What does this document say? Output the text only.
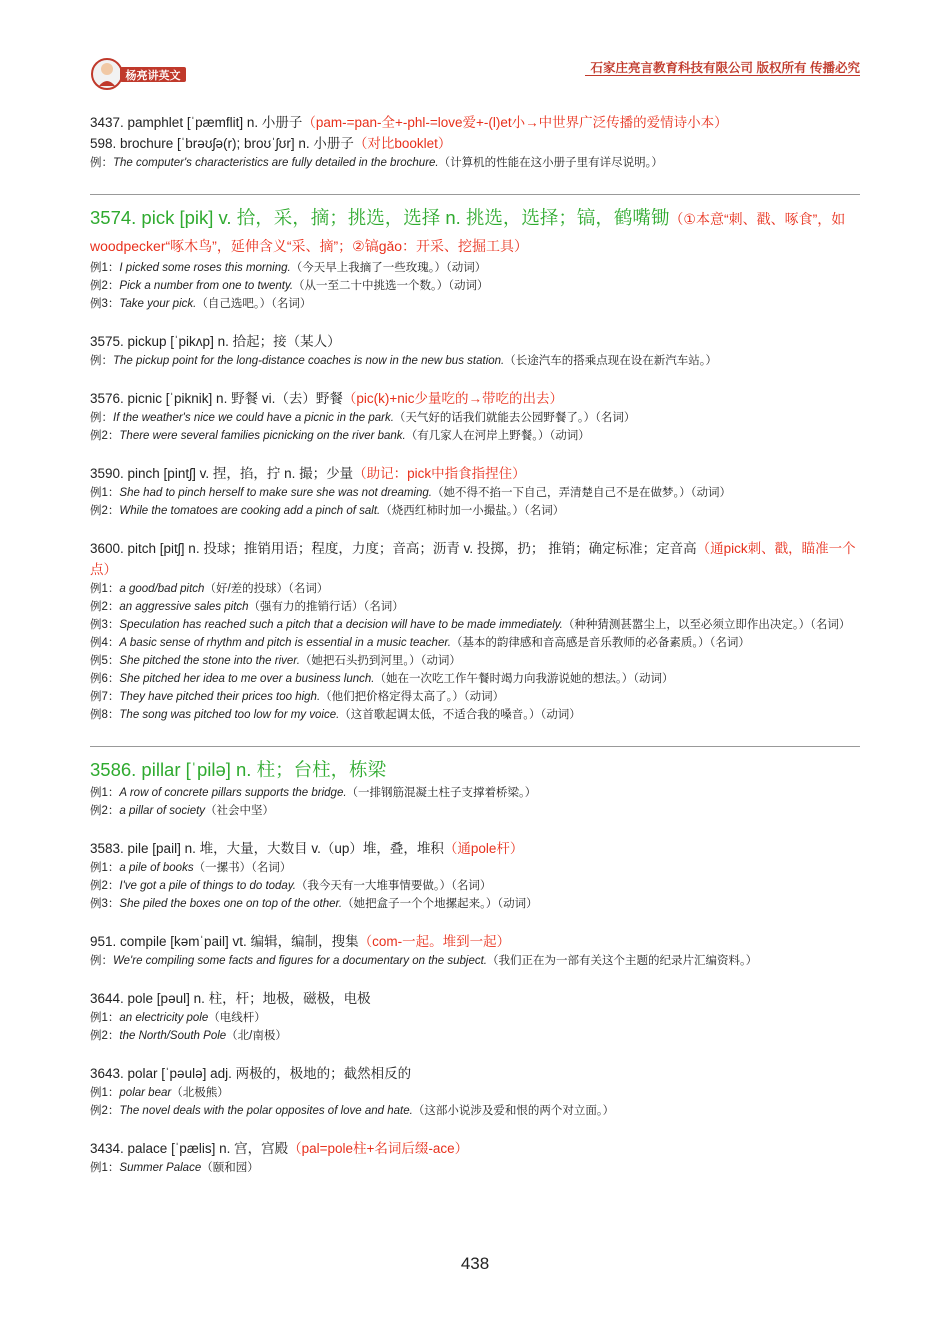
杨亮讲英文
石家庄亮言教育科技有限公司 版权所有 传播必究
3437. pamphlet [ˈpæmflit] n. 小册子（pam-=pan-全+-phl-=love爱+-(l)et小→中世界广泛传播的爱情诗小本）
598. brochure [ˈbrəʊʃə(r); broʊˈʃʊr] n. 小册子（对比booklet）
例：The computer's characteristics are fully detailed in the brochure.（计算机的性能在这小册子里有详尽说明。）
3574. pick [pik] v. 拾，采，摘；挑选，选择 n. 挑选，选择；镐，鹤嘴锄（①本意“刺、戳、啄食”，如woodpecker“啄木鸟”，延伸含义“采、摘”；②镐gǎo：开采、挖掘工具）
例1：I picked some roses this morning.（今天早上我摘了一些玫瑰。）（动词）
例2：Pick a number from one to twenty.（从一至二十中挑选一个数。）（动词）
例3：Take your pick.（自己选吧。）（名词）
3575. pickup [ˈpikʌp] n. 拾起；接（某人）
例：The pickup point for the long-distance coaches is now in the new bus station.（长途汽车的搭乘点现在设在新汽车站。）
3576. picnic [ˈpiknik] n. 野餐 vi.（去）野餐（pic(k)+nic少量吃的→带吃的出去）
例：If the weather's nice we could have a picnic in the park.（天气好的话我们就能去公园野餐了。）（名词）
例2：There were several families picnicking on the river bank.（有几家人在河岸上野餐。）（动词）
3590. pinch [pintʃ] v. 捏，掐，拧 n. 撮；少量（助记：pick中指食指捏住）
例1：She had to pinch herself to make sure she was not dreaming.（她不得不掐一下自己，弄清楚自己不是在做梦。）（动词）
例2：While the tomatoes are cooking add a pinch of salt.（烧西红柿时加一小撮盐。）（名词）
3600. pitch [pitʃ] n. 投球；推销用语；程度，力度；音高；沥青 v. 投掷，扔； 推销；确定标准；定音高（通pick刺、戳，瞄准一个点）
例1：a good/bad pitch（好/差的投球）（名词）
例2：an aggressive sales pitch（强有力的推销行话）（名词）
例3：Speculation has reached such a pitch that a decision will have to be made immediately.（种种猜测甚嚣尘上，以至必须立即作出决定。）（名词）
例4：A basic sense of rhythm and pitch is essential in a music teacher.（基本的韵律感和音高感是音乐教师的必备素质。）（名词）
例5：She pitched the stone into the river.（她把石头扔到河里。）（动词）
例6：She pitched her idea to me over a business lunch.（她在一次吃工作午餐时竭力向我游说她的想法。）（动词）
例7：They have pitched their prices too high.（他们把价格定得太高了。）（动词）
例8：The song was pitched too low for my voice.（这首歌起调太低，不适合我的嗓音。）（动词）
3586. pillar [ˈpilə] n. 柱；台柱，栋梁
例1：A row of concrete pillars supports the bridge.（一排钢筋混凝土柱子支撑着桥梁。）
例2：a pillar of society（社会中坚）
3583. pile [pail] n. 堆，大量，大数目 v.（up）堆，叠，堆积（通pole杆）
例1：a pile of books（一摞书）（名词）
例2：I've got a pile of things to do today.（我今天有一大堆事情要做。）（名词）
例3：She piled the boxes one on top of the other.（她把盒子一个个地摞起来。）（动词）
951. compile [kəmˈpail] vt. 编辑，编制，搜集（com-一起。堆到一起）
例：We're compiling some facts and figures for a documentary on the subject.（我们正在为一部有关这个主题的纪录片汇编资料。）
3644. pole [pəul] n. 柱，杆；地极，磁极，电极
例1：an electricity pole（电线杆）
例2：the North/South Pole（北/南极）
3643. polar [ˈpəulə] adj. 两极的，极地的；截然相反的
例1：polar bear（北极熊）
例2：The novel deals with the polar opposites of love and hate.（这部小说涉及爱和恨的两个对立面。）
3434. palace [ˈpælis] n. 宫，宫殿（pal=pole柱+名词后缀-ace）
例1：Summer Palace（颐和园）
438
